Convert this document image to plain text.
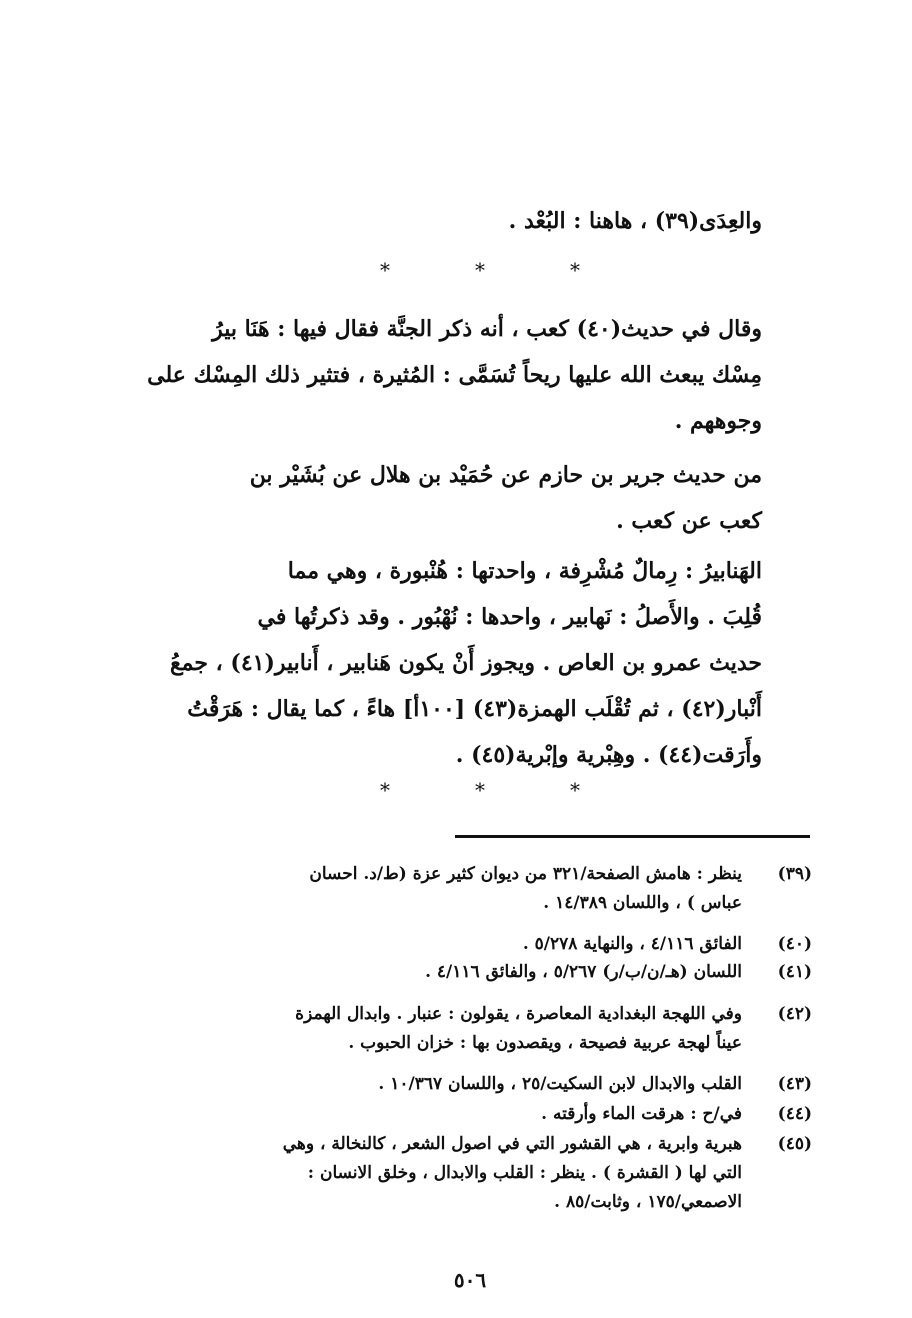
والعِدَى(٣٩) ، هاهنا : البُعْد .
*	*	*
وقال في حديث(٤٠) كعب ، أنه ذكر الجنَّة فقال فيها : هَنَا بيرُ
مِسْك يبعث الله عليها ريحاً تُسَمَّى : المُثيرة ، فتثير ذلك المِسْك على
وجوههم .
من حديث جرير بن حازم عن حُمَيْد بن هلال عن بُشَيْر بن
كعب عن كعب .
الهَنابيرُ : رِمالٌ مُشْرِفة ، واحدتها : هُنْبورة ، وهي مما
قُلِبَ . والأَصلُ : نَهابير ، واحدها : نُهْبُور . وقد ذكرتُها في
حديث عمرو بن العاص . ويجوز أَنْ يكون هَنابير ، أَنابير(٤١) ، جمعُ
أَنْبار(٤٢) ، ثم تُقْلَب الهمزة(٤٣) [١٠٠أ] هاءً ، كما يقال : هَرَقْتُ
وأَرَقت(٤٤) . وهِبْرية وإبْرية(٤٥) .
*	*	*
(٣٩)
ينظر : هامش الصفحة/٣٢١ من ديوان كثير عزة (ط/د. احسان
عباس ) ، واللسان ١٤/٣٨٩ .
(٤٠)
الفائق ٤/١١٦ ، والنهاية ٥/٢٧٨ .
(٤١)
اللسان (هـ/ن/ب/ر) ٥/٢٦٧ ، والفائق ٤/١١٦ .
(٤٢)
وفي اللهجة البغدادية المعاصرة ، يقولون : عنبار . وابدال الهمزة
عيناً لهجة عربية فصيحة ، ويقصدون بها : خزان الحبوب .
(٤٣)
القلب والابدال لابن السكيت/٢٥ ، واللسان ١٠/٣٦٧ .
(٤٤)
في/ح : هرقت الماء وأرقته .
(٤٥)
هبرية وابرية ، هي القشور التي في اصول الشعر ، كالنخالة ، وهي
التي لها ( القشرة ) . ينظر : القلب والابدال ، وخلق الانسان :
الاصمعي/١٧٥ ، وثابت/٨٥ .
٥٠٦
